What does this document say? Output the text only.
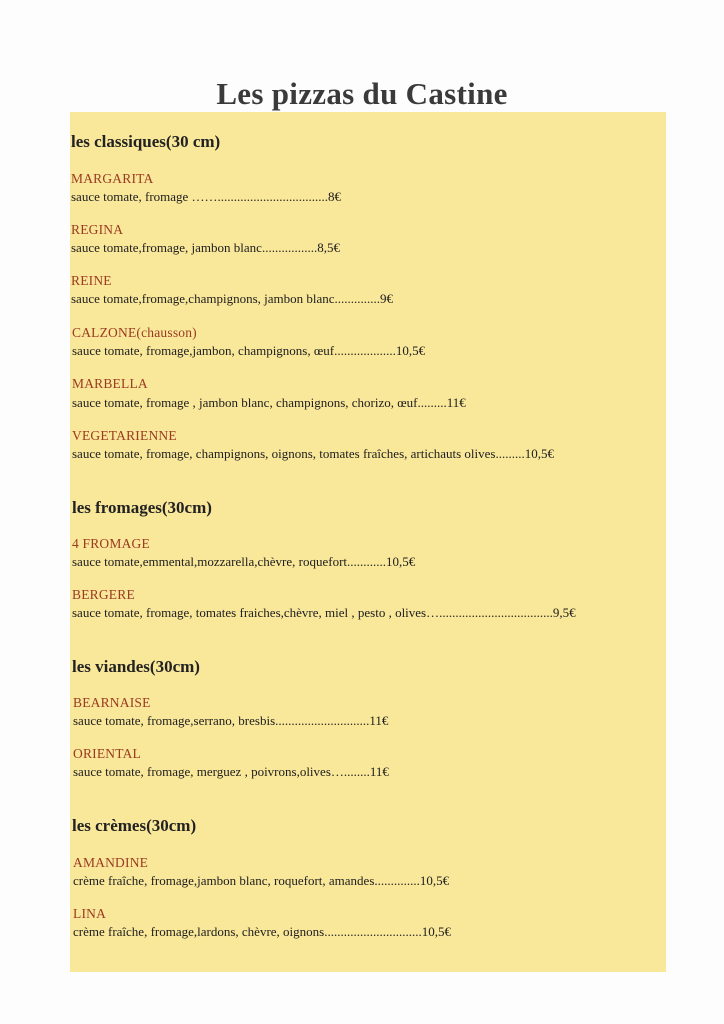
Les pizzas du Castine
les classiques(30 cm)
MARGARITA
sauce tomate, fromage ……..................................8€
REGINA
sauce tomate,fromage, jambon blanc.................8,5€
REINE
sauce tomate,fromage,champignons, jambon blanc..............9€
CALZONE(chausson)
sauce tomate, fromage,jambon, champignons, œuf...................10,5€
MARBELLA
sauce tomate, fromage , jambon blanc, champignons, chorizo, œuf.........11€
VEGETARIENNE
sauce tomate, fromage, champignons, oignons, tomates fraîches, artichauts olives.........10,5€
les fromages(30cm)
4 FROMAGE
sauce tomate,emmental,mozzarella,chèvre, roquefort............10,5€
BERGERE
sauce tomate, fromage, tomates fraiches,chèvre, miel , pesto , olives…...................................9,5€
les viandes(30cm)
BEARNAISE
sauce tomate, fromage,serrano, bresbis.............................11€
ORIENTAL
sauce tomate, fromage, merguez , poivrons,olives…........11€
les crèmes(30cm)
AMANDINE
crème fraîche, fromage,jambon blanc, roquefort, amandes..............10,5€
LINA
crème fraîche, fromage,lardons, chèvre, oignons..............................10,5€
